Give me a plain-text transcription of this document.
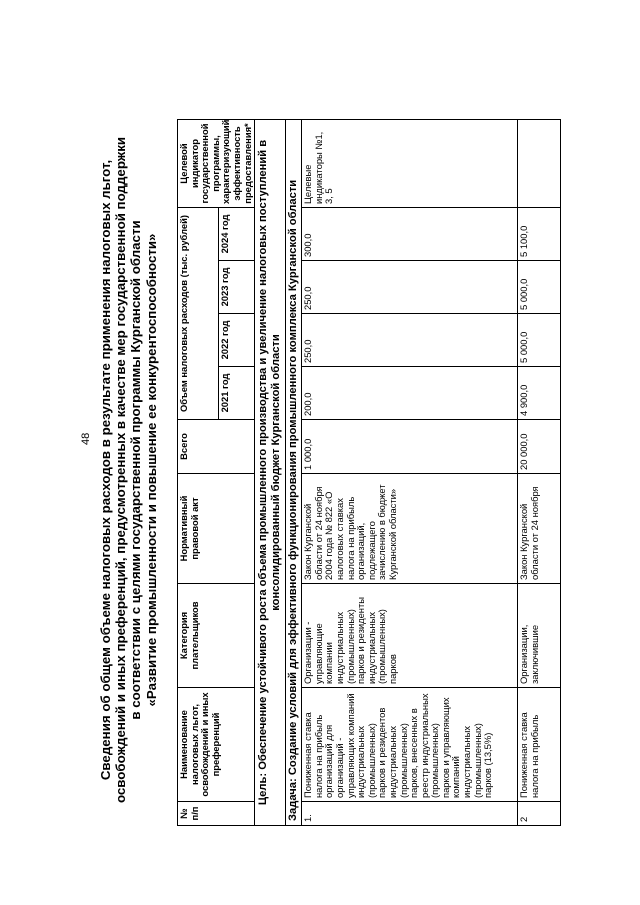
48 Сведения об общем объеме налоговых расходов в результате применения налоговых льгот, освобождений и иных преференций, предусмотренных в качестве мер государственной поддержки в соответствии с целями государственной программы Курганской области «Развитие промышленности и повышение ее конкурентоспособности»
№ п/п	Наименование налоговых льгот, освобождений и иных преференций	Категория плательщиков	Нормативный правовой акт	Всего	Объем налоговых расходов (тыс. рублей)				Целевой индикатор государственной программы, характеризующий эффективность предоставления*
					2021 год	2022 год	2023 год	2024 год	
Цель: Обеспечение устойчивого роста объема промышленного производства и увеличение налоговых поступлений в консолидированный бюджет Курганской области									
Задача: Создание условий для эффективного функционирования промышленного комплекса Курганской области									
1.	Пониженная ставка налога на прибыль организаций для организаций - управляющих компаний индустриальных (промышленных) парков и резидентов индустриальных (промышленных) парков, внесенных в реестр индустриальных (промышленных) парков и управляющих компаний индустриальных (промышленных) парков (13,5%)	Организации - управляющие компании индустриальных (промышленных) парков и резиденты индустриальных (промышленных) парков	Закон Курганской области от 24 ноября 2004 года № 822 «О налоговых ставках налога на прибыль организаций, подлежащего зачислению в бюджет Курганской области»	1 000,0	200,0	250,0	250,0	300,0	Целевые индикаторы №1, 3, 5
2	Пониженная ставка налога на прибыль	Организации, заключившие	Закон Курганской области от 24 ноября	20 000,0	4 900,0	5 000,0	5 000,0	5 100,0	
